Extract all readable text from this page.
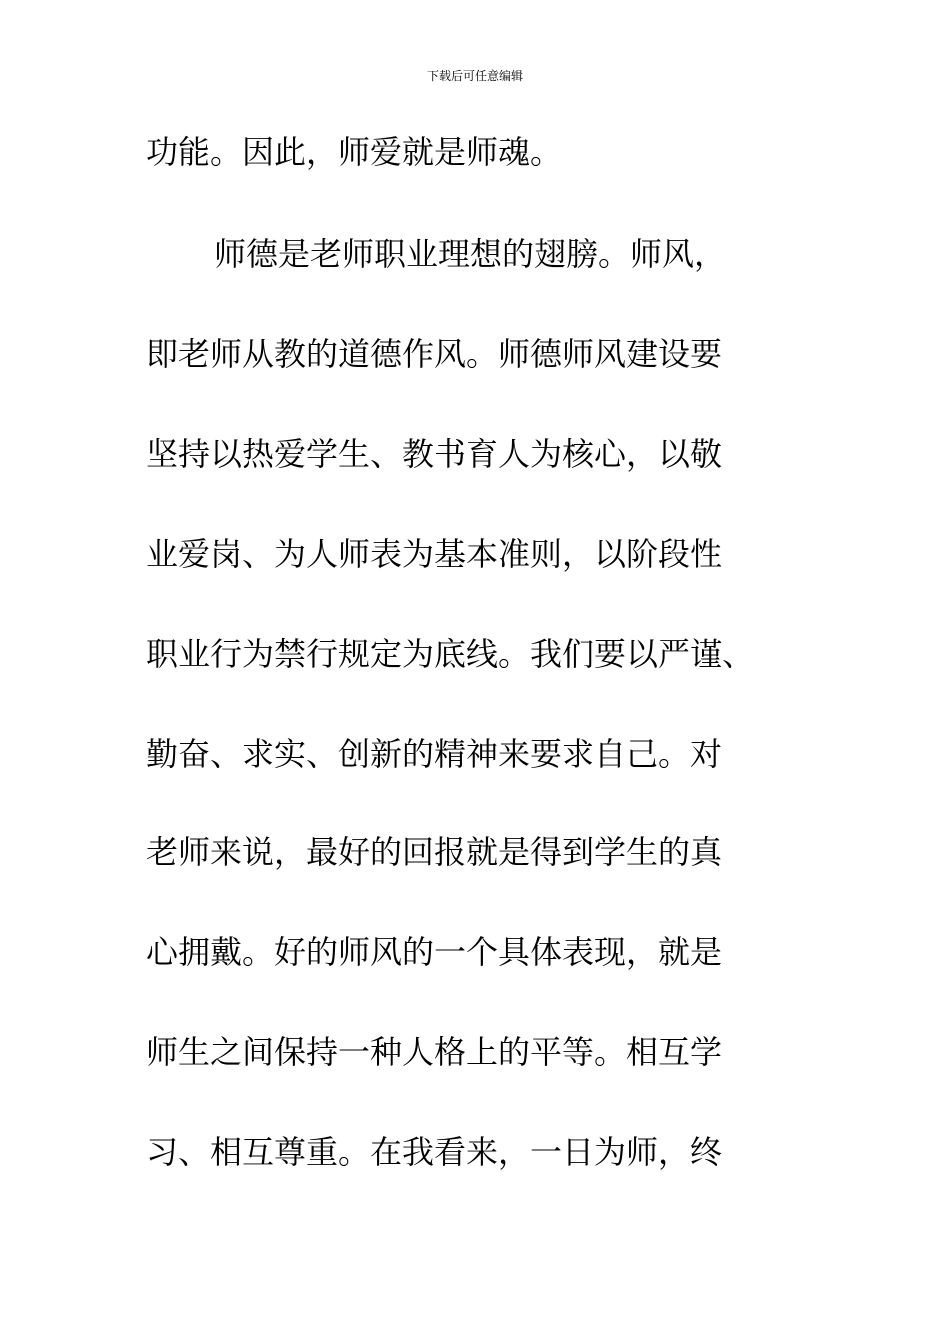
下载后可任意编辑
功能。因此，师爱就是师魂。
师德是老师职业理想的翅膀。师风，
即老师从教的道德作风。师德师风建设要
坚持以热爱学生、教书育人为核心，以敬
业爱岗、为人师表为基本准则，以阶段性
职业行为禁行规定为底线。我们要以严谨、
勤奋、求实、创新的精神来要求自己。对
老师来说，最好的回报就是得到学生的真
心拥戴。好的师风的一个具体表现，就是
师生之间保持一种人格上的平等。相互学
习、相互尊重。在我看来，一日为师，终
